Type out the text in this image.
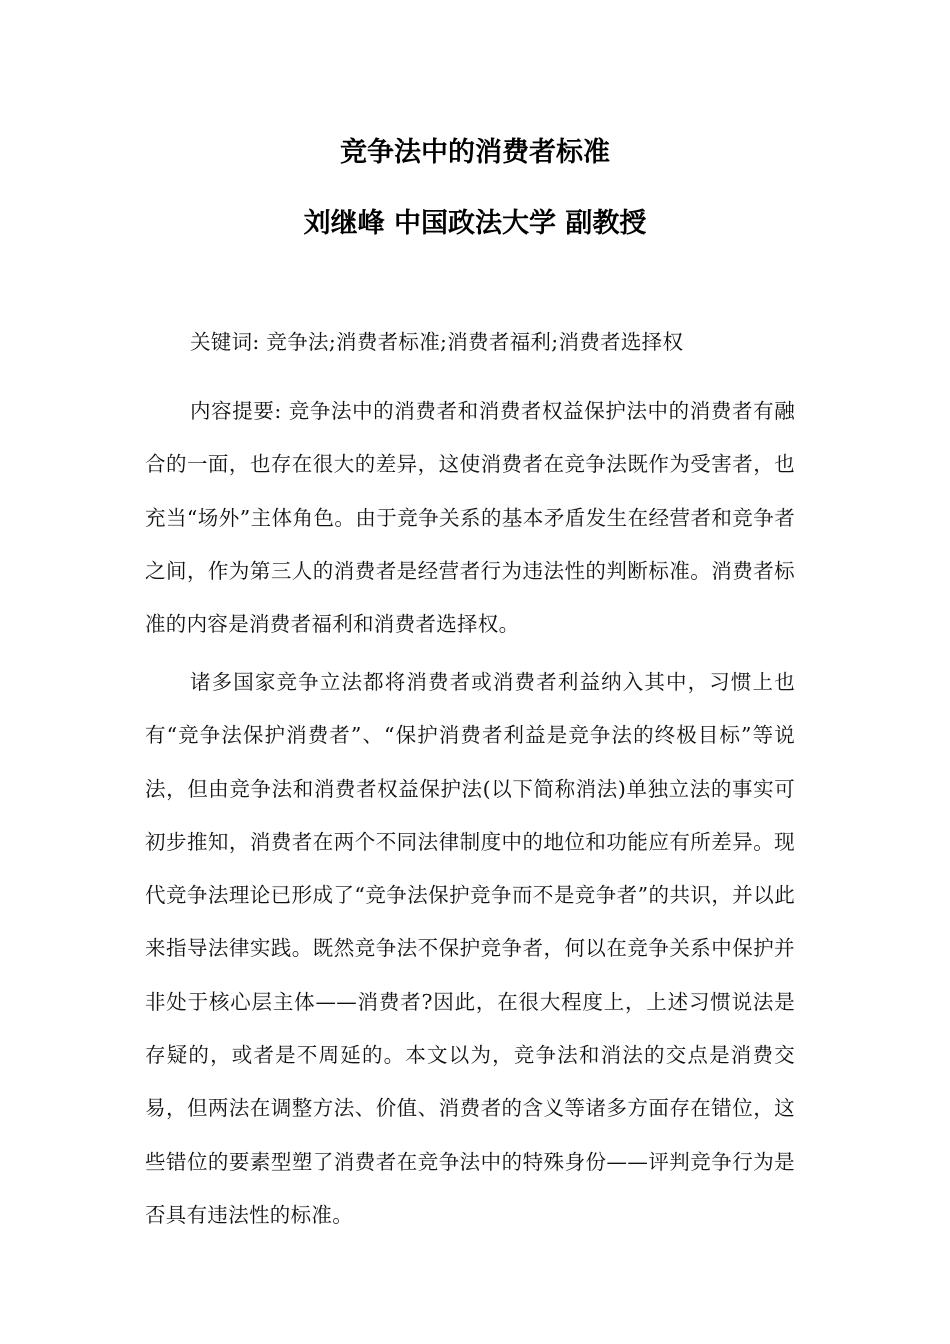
竞争法中的消费者标准
刘继峰 中国政法大学 副教授

关键词: 竞争法;消费者标准;消费者福利;消费者选择权

内容提要: 竞争法中的消费者和消费者权益保护法中的消费者有融合的一面，也存在很大的差异，这使消费者在竞争法既作为受害者，也充当“场外”主体角色。由于竞争关系的基本矛盾发生在经营者和竞争者之间，作为第三人的消费者是经营者行为违法性的判断标准。消费者标准的内容是消费者福利和消费者选择权。

诸多国家竞争立法都将消费者或消费者利益纳入其中，习惯上也有“竞争法保护消费者”、“保护消费者利益是竞争法的终极目标”等说法，但由竞争法和消费者权益保护法(以下简称消法)单独立法的事实可初步推知，消费者在两个不同法律制度中的地位和功能应有所差异。现代竞争法理论已形成了“竞争法保护竞争而不是竞争者”的共识，并以此来指导法律实践。既然竞争法不保护竞争者，何以在竞争关系中保护并非处于核心层主体——消费者?因此，在很大程度上，上述习惯说法是存疑的，或者是不周延的。本文以为，竞争法和消法的交点是消费交易，但两法在调整方法、价值、消费者的含义等诸多方面存在错位，这些错位的要素型塑了消费者在竞争法中的特殊身份——评判竞争行为是否具有违法性的标准。
